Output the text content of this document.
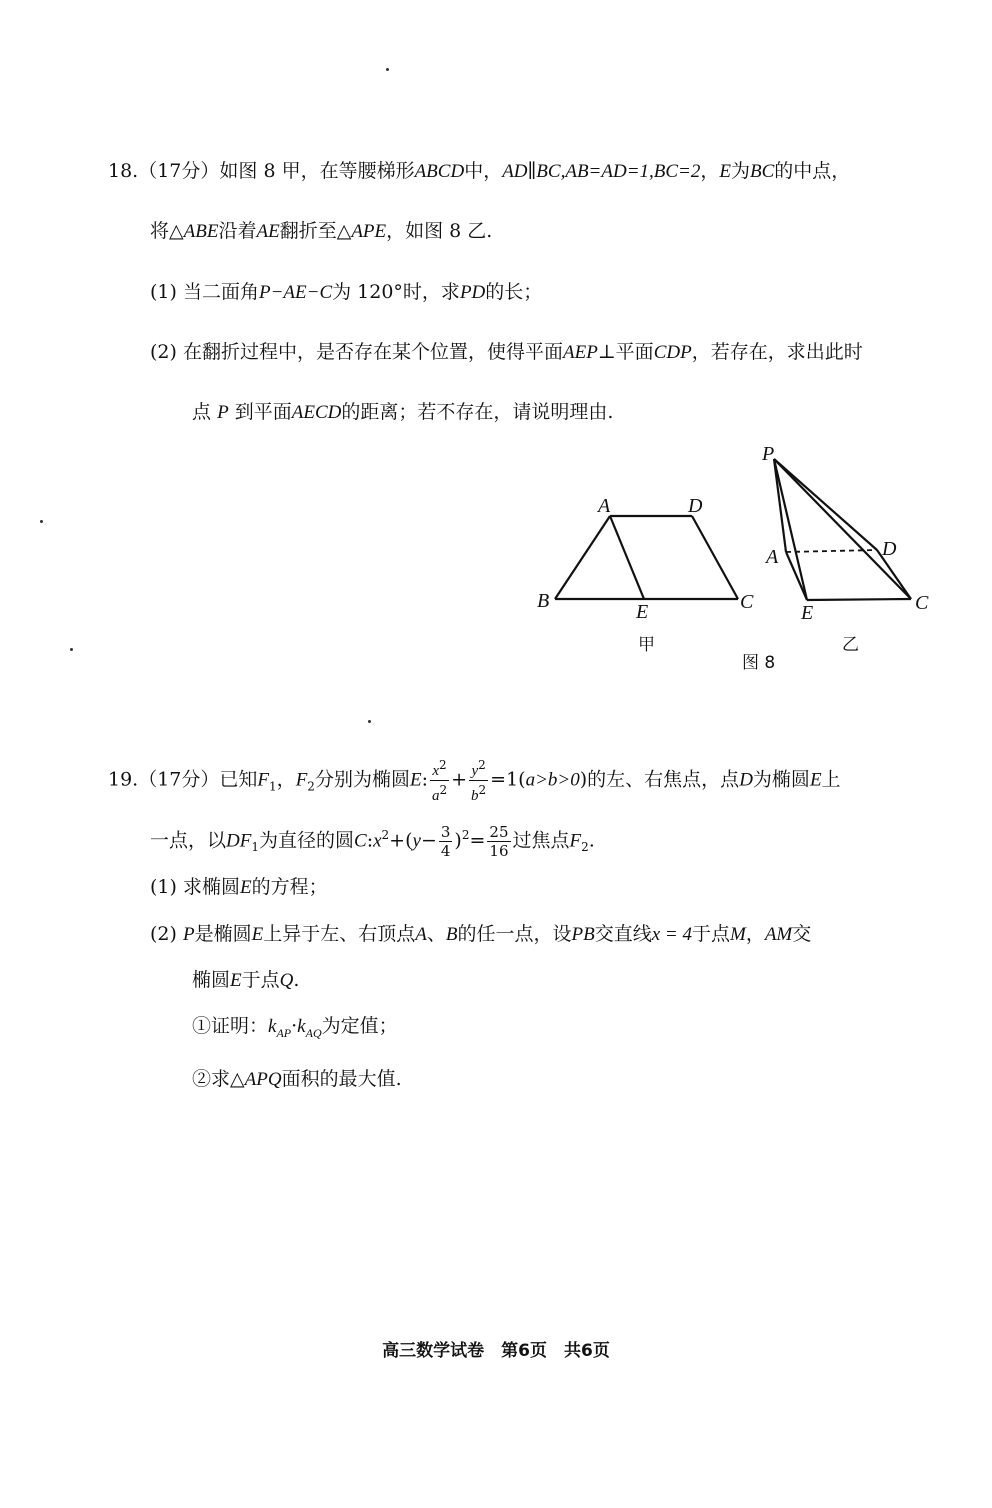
18.（17分）如图 8 甲，在等腰梯形ABCD中，AD∥BC,AB=AD=1,BC=2，E为BC的中点，
将△ABE沿着AE翻折至△APE，如图 8 乙.
(1) 当二面角P−AE−C为 120°时，求PD的长；
(2) 在翻折过程中，是否存在某个位置，使得平面AEP⊥平面CDP，若存在，求出此时
点 P 到平面AECD的距离；若不存在，请说明理由.
A	D
B	E	C
甲
P
A	D
E	C
乙
图 8
19.（17分）已知$F_1$，$F_2$分别为椭圆E: $\frac{x^2}{a^2} + \frac{y^2}{b^2} =1(a>b>0)$的左、右焦点，点D为椭圆E上
一点，以$DF_1$为直径的圆$C:x^2+(y- \frac{3}{4} )^2= \frac{25}{16}$ 过焦点$F_2$.
(1) 求椭圆E的方程；
(2) P是椭圆E上异于左、右顶点A、B的任一点，设PB交直线x = 4于点M，AM交
椭圆E于点Q.
①证明：$k_{AP}\cdot k_{AQ}$为定值；
②求△APQ面积的最大值.
高三数学试卷　第6页　共6页
